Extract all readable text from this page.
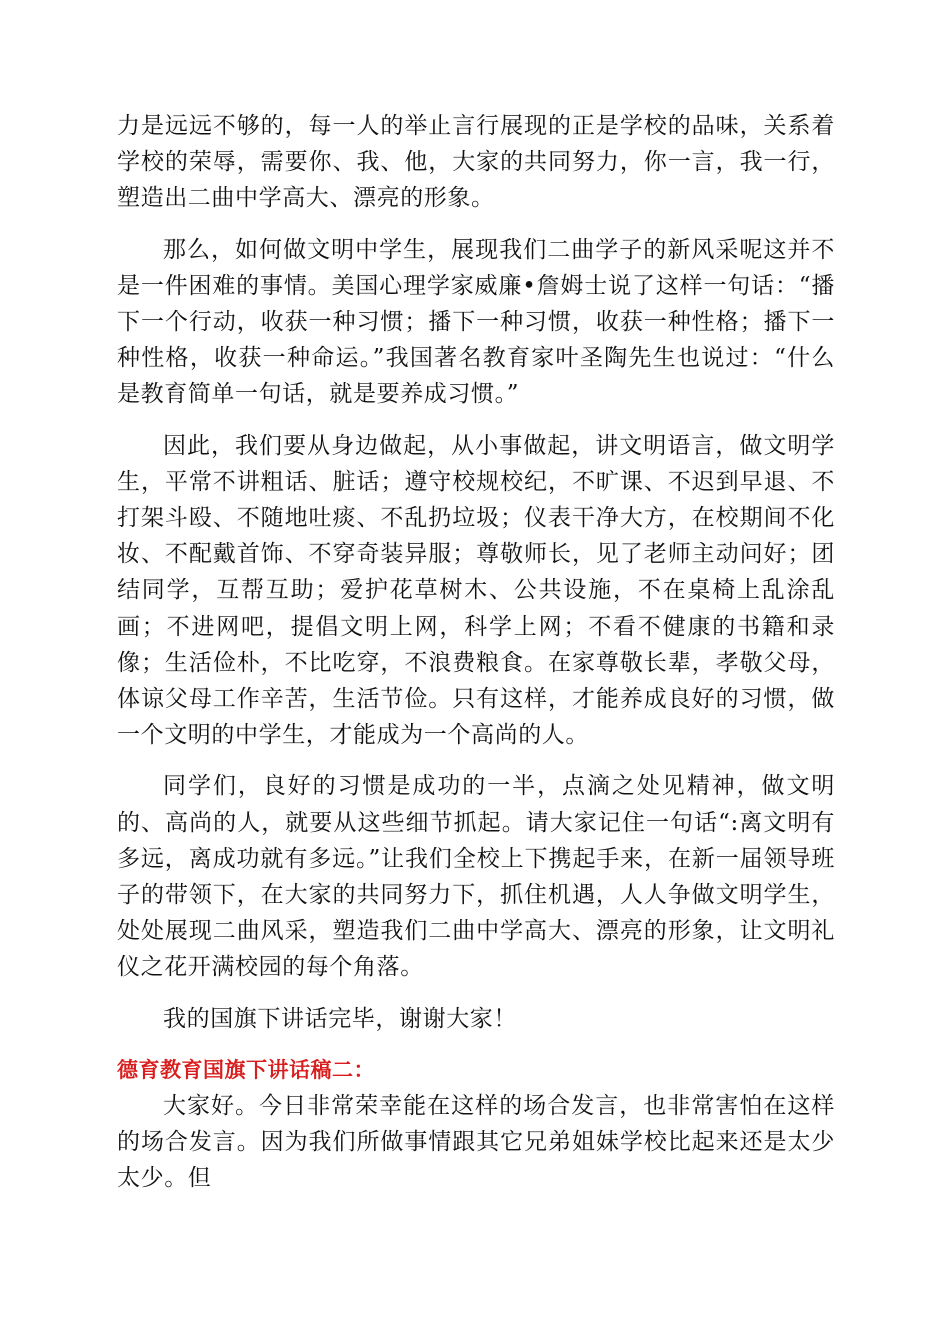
力是远远不够的，每一人的举止言行展现的正是学校的品味，关系着学校的荣辱，需要你、我、他，大家的共同努力，你一言，我一行，塑造出二曲中学高大、漂亮的形象。

那么，如何做文明中学生，展现我们二曲学子的新风采呢这并不是一件困难的事情。美国心理学家威廉•詹姆士说了这样一句话：“播下一个行动，收获一种习惯；播下一种习惯，收获一种性格；播下一种性格，收获一种命运。”我国著名教育家叶圣陶先生也说过：“什么是教育简单一句话，就是要养成习惯。”

因此，我们要从身边做起，从小事做起，讲文明语言，做文明学生，平常不讲粗话、脏话；遵守校规校纪，不旷课、不迟到早退、不打架斗殴、不随地吐痰、不乱扔垃圾；仪表干净大方，在校期间不化妆、不配戴首饰、不穿奇装异服；尊敬师长，见了老师主动问好；团结同学，互帮互助；爱护花草树木、公共设施，不在桌椅上乱涂乱画；不进网吧，提倡文明上网，科学上网；不看不健康的书籍和录像；生活俭朴，不比吃穿，不浪费粮食。在家尊敬长辈，孝敬父母，体谅父母工作辛苦，生活节俭。只有这样，才能养成良好的习惯，做一个文明的中学生，才能成为一个高尚的人。

同学们，良好的习惯是成功的一半，点滴之处见精神，做文明的、高尚的人，就要从这些细节抓起。请大家记住一句话“:离文明有多远，离成功就有多远。”让我们全校上下携起手来，在新一届领导班子的带领下，在大家的共同努力下，抓住机遇，人人争做文明学生，处处展现二曲风采，塑造我们二曲中学高大、漂亮的形象，让文明礼仪之花开满校园的每个角落。

我的国旗下讲话完毕，谢谢大家！

德育教育国旗下讲话稿二：

大家好。今日非常荣幸能在这样的场合发言，也非常害怕在这样的场合发言。因为我们所做事情跟其它兄弟姐妹学校比起来还是太少太少。但
